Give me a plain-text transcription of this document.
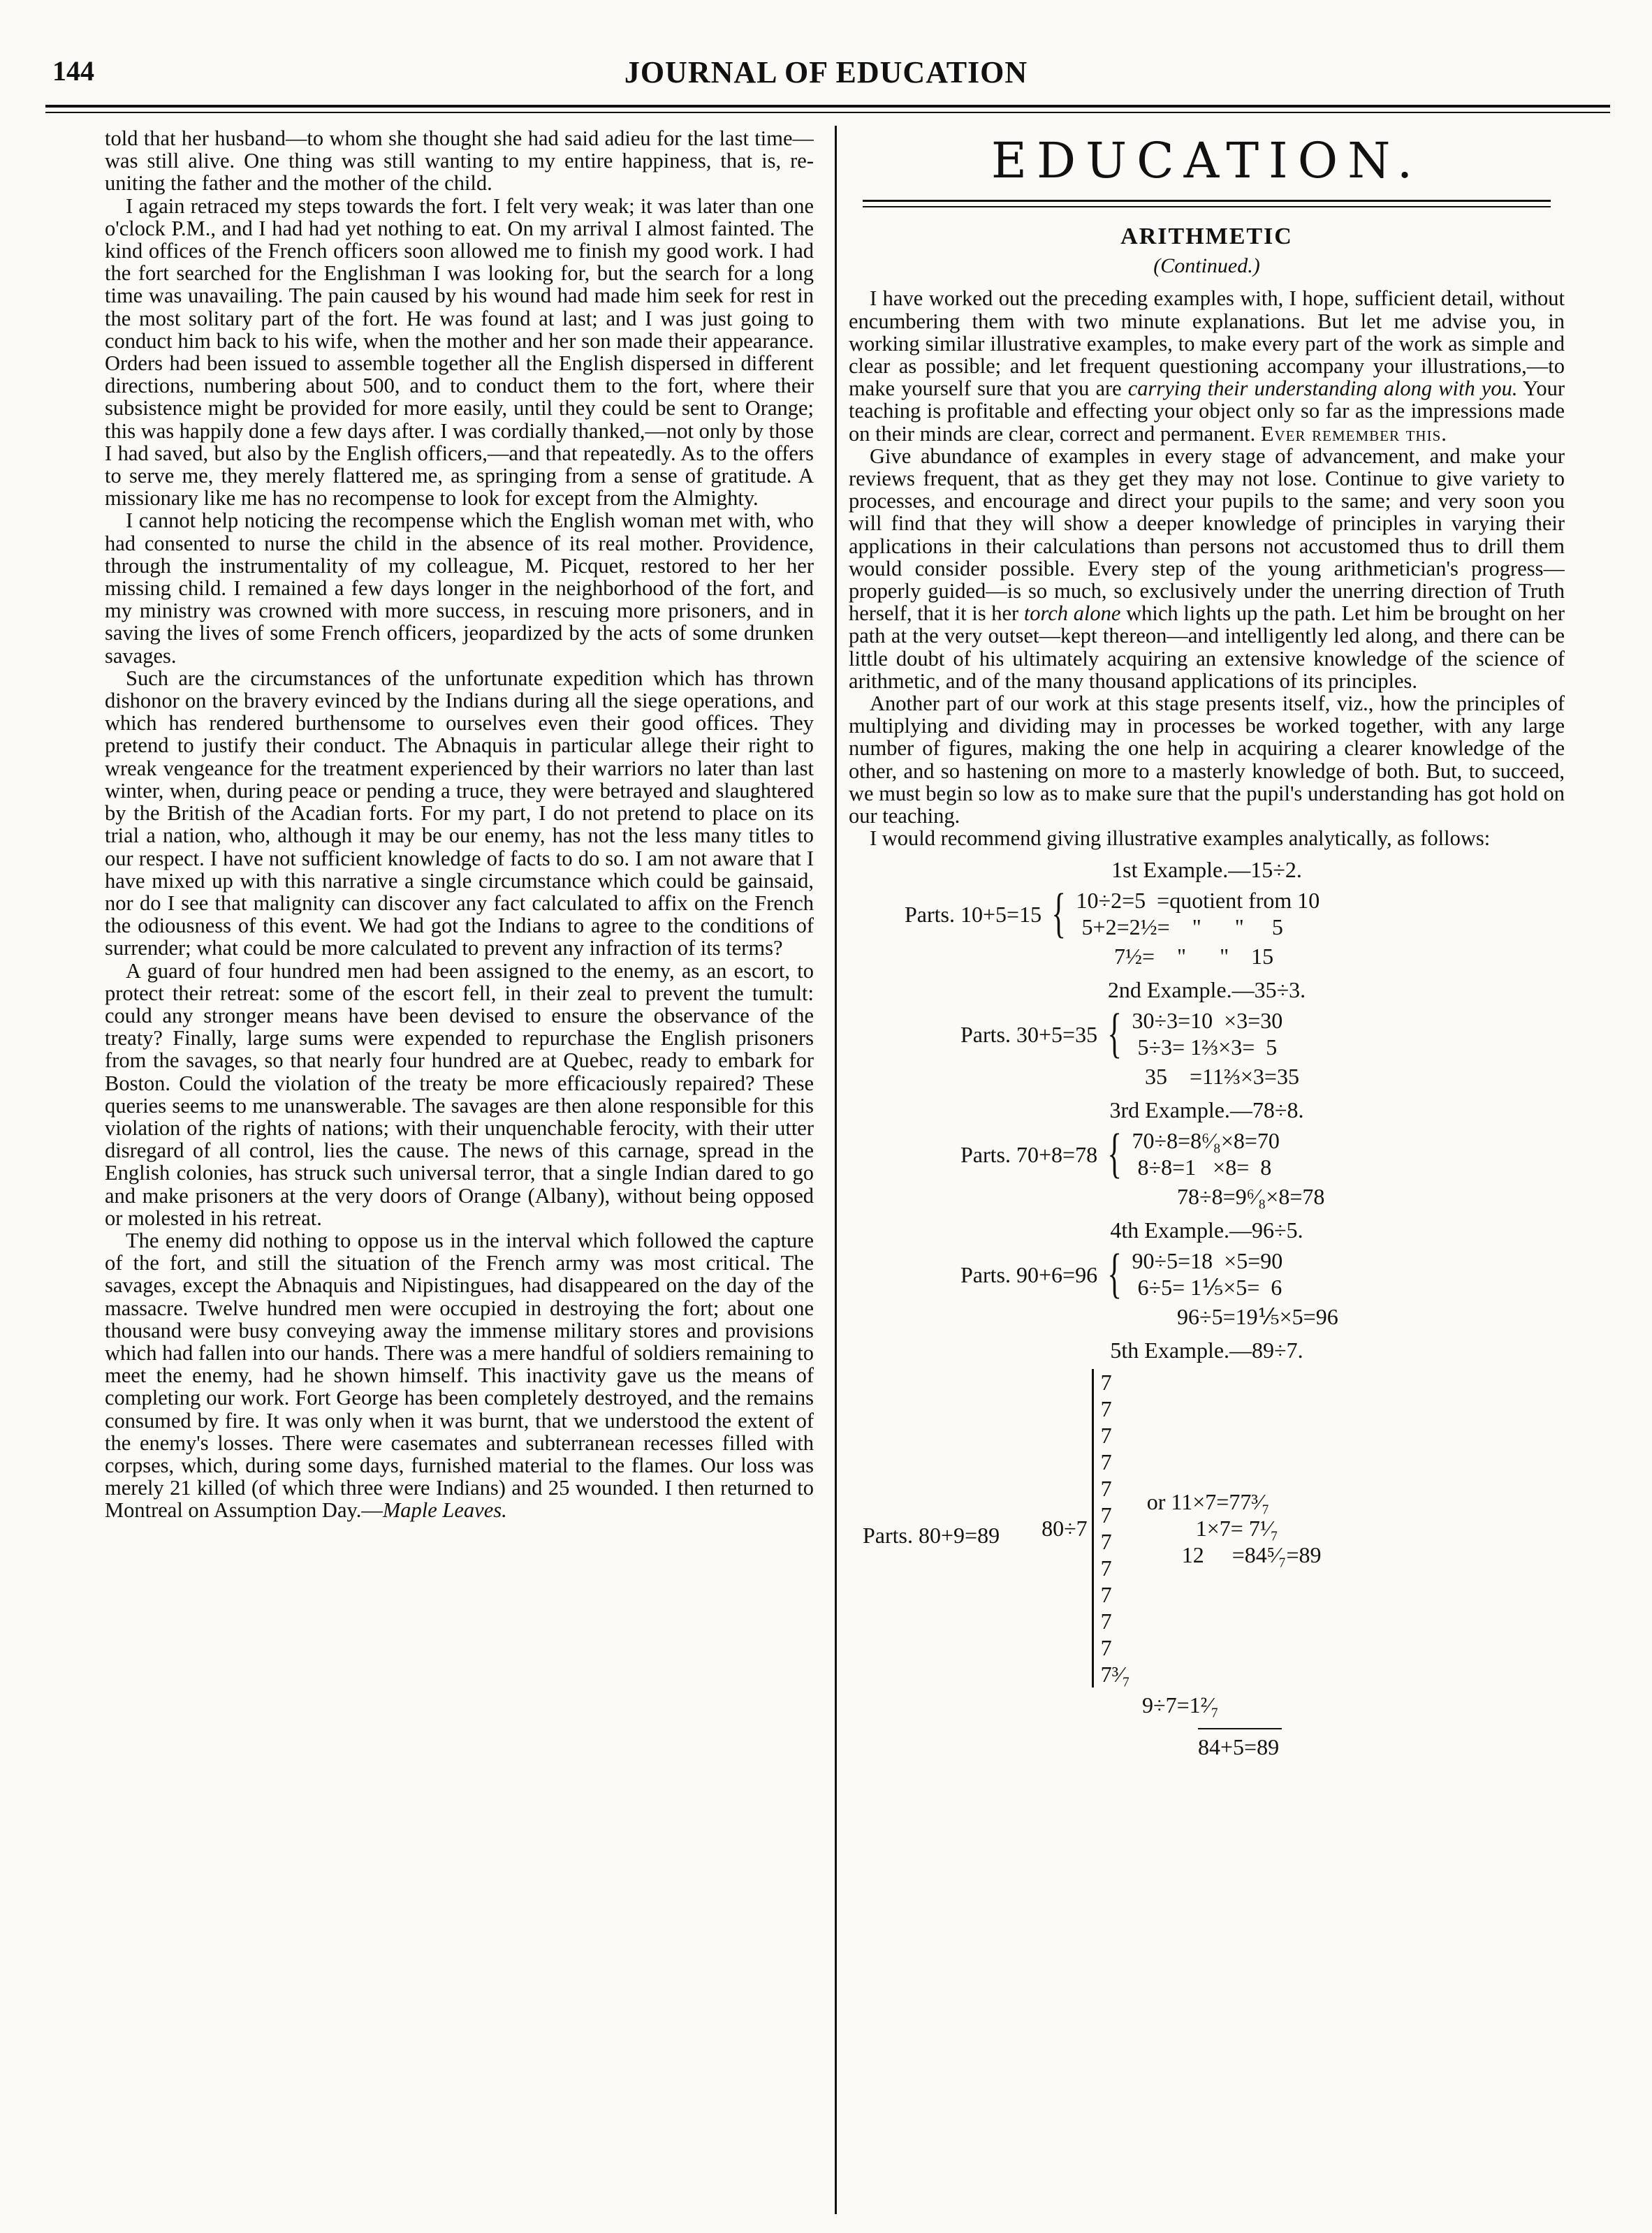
144	JOURNAL OF EDUCATION

told that her husband—to whom she thought she had said adieu for the last time—was still alive. One thing was still wanting to my entire happiness, that is, re-uniting the father and the mother of the child.

I again retraced my steps towards the fort. I felt very weak; it was later than one o'clock P.M., and I had had yet nothing to eat. On my arrival I almost fainted. The kind offices of the French officers soon allowed me to finish my good work. I had the fort searched for the Englishman I was looking for, but the search for a long time was unavailing. The pain caused by his wound had made him seek for rest in the most solitary part of the fort. He was found at last; and I was just going to conduct him back to his wife, when the mother and her son made their appearance. Orders had been issued to assemble together all the English dispersed in different directions, numbering about 500, and to conduct them to the fort, where their subsistence might be provided for more easily, until they could be sent to Orange; this was happily done a few days after. I was cordially thanked,—not only by those I had saved, but also by the English officers,—and that repeatedly. As to the offers to serve me, they merely flattered me, as springing from a sense of gratitude. A missionary like me has no recompense to look for except from the Almighty.

I cannot help noticing the recompense which the English woman met with, who had consented to nurse the child in the absence of its real mother. Providence, through the instrumentality of my colleague, M. Picquet, restored to her her missing child. I remained a few days longer in the neighborhood of the fort, and my ministry was crowned with more success, in rescuing more prisoners, and in saving the lives of some French officers, jeopardized by the acts of some drunken savages.

Such are the circumstances of the unfortunate expedition which has thrown dishonor on the bravery evinced by the Indians during all the siege operations, and which has rendered burthensome to ourselves even their good offices. They pretend to justify their conduct. The Abnaquis in particular allege their right to wreak vengeance for the treatment experienced by their warriors no later than last winter, when, during peace or pending a truce, they were betrayed and slaughtered by the British of the Acadian forts. For my part, I do not pretend to place on its trial a nation, who, although it may be our enemy, has not the less many titles to our respect. I have not sufficient knowledge of facts to do so. I am not aware that I have mixed up with this narrative a single circumstance which could be gainsaid, nor do I see that malignity can discover any fact calculated to affix on the French the odiousness of this event. We had got the Indians to agree to the conditions of surrender; what could be more calculated to prevent any infraction of its terms?

A guard of four hundred men had been assigned to the enemy, as an escort, to protect their retreat: some of the escort fell, in their zeal to prevent the tumult: could any stronger means have been devised to ensure the observance of the treaty? Finally, large sums were expended to repurchase the English prisoners from the savages, so that nearly four hundred are at Quebec, ready to embark for Boston. Could the violation of the treaty be more efficaciously repaired? These queries seems to me unanswerable. The savages are then alone responsible for this violation of the rights of nations; with their unquenchable ferocity, with their utter disregard of all control, lies the cause. The news of this carnage, spread in the English colonies, has struck such universal terror, that a single Indian dared to go and make prisoners at the very doors of Orange (Albany), without being opposed or molested in his retreat.

The enemy did nothing to oppose us in the interval which followed the capture of the fort, and still the situation of the French army was most critical. The savages, except the Abnaquis and Nipistingues, had disappeared on the day of the massacre. Twelve hundred men were occupied in destroying the fort; about one thousand were busy conveying away the immense military stores and provisions which had fallen into our hands. There was a mere handful of soldiers remaining to meet the enemy, had he shown himself. This inactivity gave us the means of completing our work. Fort George has been completely destroyed, and the remains consumed by fire. It was only when it was burnt, that we understood the extent of the enemy's losses. There were casemates and subterranean recesses filled with corpses, which, during some days, furnished material to the flames. Our loss was merely 21 killed (of which three were Indians) and 25 wounded. I then returned to Montreal on Assumption Day.—Maple Leaves.

EDUCATION.
ARITHMETIC
(Continued.)

I have worked out the preceding examples with, I hope, sufficient detail, without encumbering them with two minute explanations. But let me advise you, in working similar illustrative examples, to make every part of the work as simple and clear as possible; and let frequent questioning accompany your illustrations,—to make yourself sure that you are carrying their understanding along with you. Your teaching is profitable and effecting your object only so far as the impressions made on their minds are clear, correct and permanent. Ever remember this.

Give abundance of examples in every stage of advancement, and make your reviews frequent, that as they get they may not lose. Continue to give variety to processes, and encourage and direct your pupils to the same; and very soon you will find that they will show a deeper knowledge of principles in varying their applications in their calculations than persons not accustomed thus to drill them would consider possible. Every step of the young arithmetician's progress—properly guided—is so much, so exclusively under the unerring direction of Truth herself, that it is her torch alone which lights up the path. Let him be brought on her path at the very outset—kept thereon—and intelligently led along, and there can be little doubt of his ultimately acquiring an extensive knowledge of the science of arithmetic, and of the many thousand applications of its principles.

Another part of our work at this stage presents itself, viz., how the principles of multiplying and dividing may in processes be worked together, with any large number of figures, making the one help in acquiring a clearer knowledge of the other, and so hastening on more to a masterly knowledge of both. But, to succeed, we must begin so low as to make sure that the pupil's understanding has got hold on our teaching.

I would recommend giving illustrative examples analytically, as follows:

1st Example.—15÷2.
Parts. 10+5=15 { 10÷2=5  =quotient from 10
5+2=2½=    "      "     5
7½=    "      "    15
2nd Example.—35÷3.
Parts. 30+5=35 { 30÷3=10  ×3=30
5÷3= 1⅔×3=  5
35    =11⅔×3=35
3rd Example.—78÷8.
Parts. 70+8=78 { 70÷8=8⁶⁄₈×8=70
8÷8=1   ×8=  8
78÷8=9⁶⁄₈×8=78
4th Example.—96÷5.
Parts. 90+6=96 { 90÷5=18  ×5=90
6÷5= 1⅕×5=  6
96÷5=19⅕×5=96
5th Example.—89÷7.
Parts. 80+9=89 80÷7
7
7
7
7
7
7
7
7
7
7
7
7³⁄₇
or 11×7=77³⁄₇
1×7= 7¹⁄₇
12     =84⁵⁄₇=89
9÷7=1²⁄₇
84+5=89
